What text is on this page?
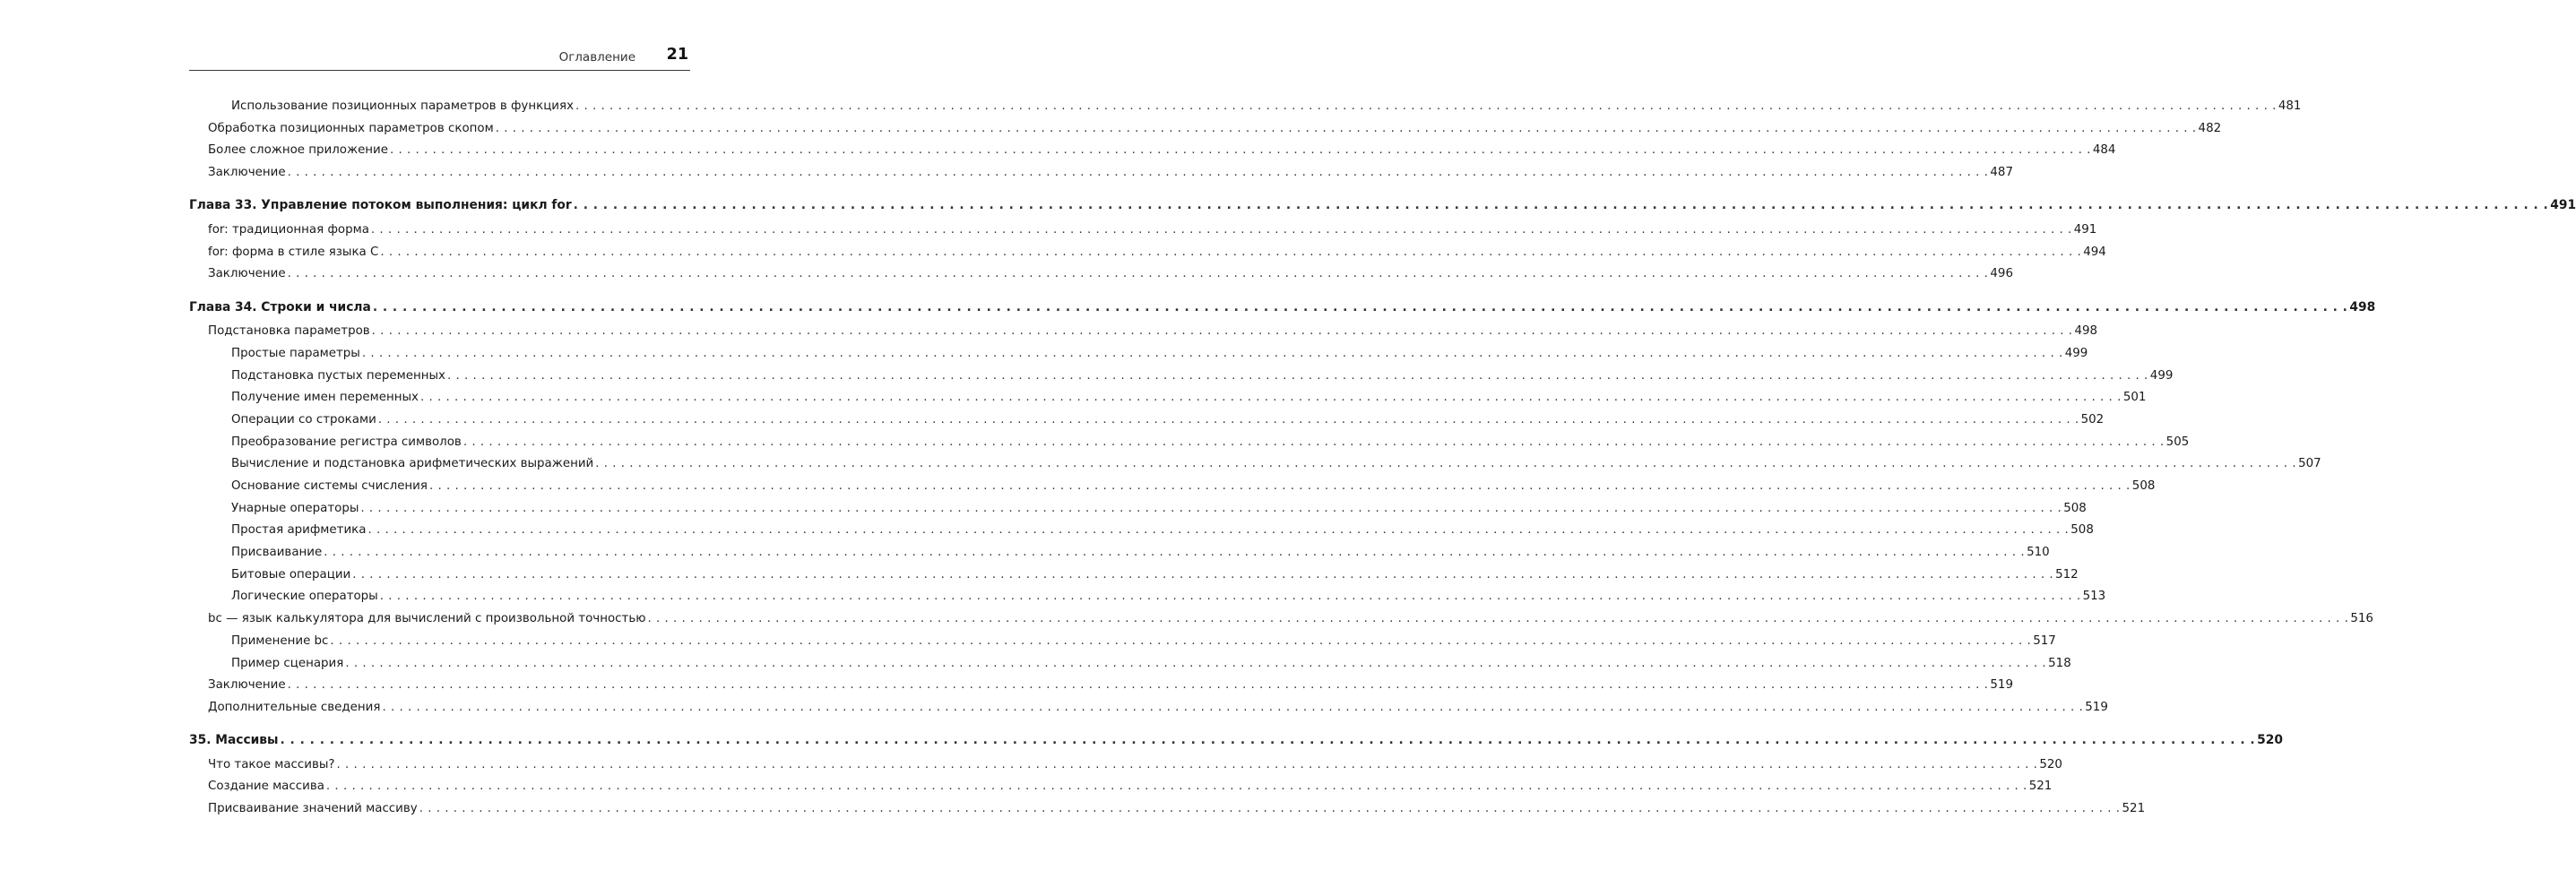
Оглавление 21
Использование позиционных параметров в функциях . . . . . . . . . . . . . . . . . . . . . . . . . . . . . . . . . . . . . . . . . . . . . . . . . . . . . . . . . . . . . . . . . . . . . . . . . . . . . . . . . . . . . . . . . . . . . . . . . . . . . . . . . . . . . . . . . . . . . . . . . . . . . . . . . . . . . . . . . . . . . . . . . . . . . . . . . . . . . . . . . . . . . . . . . . . . . . . . . . . . . . . . . . . . . . . . . . . . . . . . 481
Обработка позиционных параметров скопом . . . . . . . . . . . . . . . . . . . . . . . . . . . . . . . . . . . . . . . . . . . . . . . . . . . . . . . . . . . . . . . . . . . . . . . . . . . . . . . . . . . . . . . . . . . . . . . . . . . . . . . . . . . . . . . . . . . . . . . . . . . . . . . . . . . . . . . . . . . . . . . . . . . . . . . . . . . . . . . . . . . . . . . . . . . . . . . . . . . . . . . . . . . . . . . . . . . . . . . . 482
Более сложное приложение . . . . . . . . . . . . . . . . . . . . . . . . . . . . . . . . . . . . . . . . . . . . . . . . . . . . . . . . . . . . . . . . . . . . . . . . . . . . . . . . . . . . . . . . . . . . . . . . . . . . . . . . . . . . . . . . . . . . . . . . . . . . . . . . . . . . . . . . . . . . . . . . . . . . . . . . . . . . . . . . . . . . . . . . . . . . . . . . . . . . . . . . . . . . . . . . . . . . . . . . 484
Заключение . . . . . . . . . . . . . . . . . . . . . . . . . . . . . . . . . . . . . . . . . . . . . . . . . . . . . . . . . . . . . . . . . . . . . . . . . . . . . . . . . . . . . . . . . . . . . . . . . . . . . . . . . . . . . . . . . . . . . . . . . . . . . . . . . . . . . . . . . . . . . . . . . . . . . . . . . . . . . . . . . . . . . . . . . . . . . . . . . . . . . . . . . . . . . . . . . . . . . . . . 487
Глава 33. Управление потоком выполнения: цикл for . . . . . . . . . . . . . . . . . . . . . . . . . . . . . . . . . . . . . . . . . . . . . . . . . . . . . . . . . . . . . . . . . . . . . . . . . . . . . . . . . . . . . . . . . . . . . . . . . . . . . . . . . . . . . . . . . . . . . . . . . . . . . . . . . . . . . . . . . . . . . . . . . . . . . . . . . . . . . . . . . . . . . . . . . . . . . . . . . . . . . . . . . . . . . . . . . . . . . . . . 491
for: традиционная форма . . . . . . . . . . . . . . . . . . . . . . . . . . . . . . . . . . . . . . . . . . . . . . . . . . . . . . . . . . . . . . . . . . . . . . . . . . . . . . . . . . . . . . . . . . . . . . . . . . . . . . . . . . . . . . . . . . . . . . . . . . . . . . . . . . . . . . . . . . . . . . . . . . . . . . . . . . . . . . . . . . . . . . . . . . . . . . . . . . . . . . . . . . . . . . . . . . . . . . . . 491
for: форма в стиле языка C . . . . . . . . . . . . . . . . . . . . . . . . . . . . . . . . . . . . . . . . . . . . . . . . . . . . . . . . . . . . . . . . . . . . . . . . . . . . . . . . . . . . . . . . . . . . . . . . . . . . . . . . . . . . . . . . . . . . . . . . . . . . . . . . . . . . . . . . . . . . . . . . . . . . . . . . . . . . . . . . . . . . . . . . . . . . . . . . . . . . . . . . . . . . . . . . . . . . . . . . 494
Заключение . . . . . . . . . . . . . . . . . . . . . . . . . . . . . . . . . . . . . . . . . . . . . . . . . . . . . . . . . . . . . . . . . . . . . . . . . . . . . . . . . . . . . . . . . . . . . . . . . . . . . . . . . . . . . . . . . . . . . . . . . . . . . . . . . . . . . . . . . . . . . . . . . . . . . . . . . . . . . . . . . . . . . . . . . . . . . . . . . . . . . . . . . . . . . . . . . . . . . . . . 496
Глава 34. Строки и числа . . . . . . . . . . . . . . . . . . . . . . . . . . . . . . . . . . . . . . . . . . . . . . . . . . . . . . . . . . . . . . . . . . . . . . . . . . . . . . . . . . . . . . . . . . . . . . . . . . . . . . . . . . . . . . . . . . . . . . . . . . . . . . . . . . . . . . . . . . . . . . . . . . . . . . . . . . . . . . . . . . . . . . . . . . . . . . . . . . . . . . . . . . . . . . . . . . . . . . . . 498
Подстановка параметров . . . . . . . . . . . . . . . . . . . . . . . . . . . . . . . . . . . . . . . . . . . . . . . . . . . . . . . . . . . . . . . . . . . . . . . . . . . . . . . . . . . . . . . . . . . . . . . . . . . . . . . . . . . . . . . . . . . . . . . . . . . . . . . . . . . . . . . . . . . . . . . . . . . . . . . . . . . . . . . . . . . . . . . . . . . . . . . . . . . . . . . . . . . . . . . . . . . . . . . . 498
Простые параметры . . . . . . . . . . . . . . . . . . . . . . . . . . . . . . . . . . . . . . . . . . . . . . . . . . . . . . . . . . . . . . . . . . . . . . . . . . . . . . . . . . . . . . . . . . . . . . . . . . . . . . . . . . . . . . . . . . . . . . . . . . . . . . . . . . . . . . . . . . . . . . . . . . . . . . . . . . . . . . . . . . . . . . . . . . . . . . . . . . . . . . . . . . . . . . . . . . . . . . . . 499
Подстановка пустых переменных . . . . . . . . . . . . . . . . . . . . . . . . . . . . . . . . . . . . . . . . . . . . . . . . . . . . . . . . . . . . . . . . . . . . . . . . . . . . . . . . . . . . . . . . . . . . . . . . . . . . . . . . . . . . . . . . . . . . . . . . . . . . . . . . . . . . . . . . . . . . . . . . . . . . . . . . . . . . . . . . . . . . . . . . . . . . . . . . . . . . . . . . . . . . . . . . . . . . . . . . 499
Получение имен переменных . . . . . . . . . . . . . . . . . . . . . . . . . . . . . . . . . . . . . . . . . . . . . . . . . . . . . . . . . . . . . . . . . . . . . . . . . . . . . . . . . . . . . . . . . . . . . . . . . . . . . . . . . . . . . . . . . . . . . . . . . . . . . . . . . . . . . . . . . . . . . . . . . . . . . . . . . . . . . . . . . . . . . . . . . . . . . . . . . . . . . . . . . . . . . . . . . . . . . . . . 501
Операции со строками . . . . . . . . . . . . . . . . . . . . . . . . . . . . . . . . . . . . . . . . . . . . . . . . . . . . . . . . . . . . . . . . . . . . . . . . . . . . . . . . . . . . . . . . . . . . . . . . . . . . . . . . . . . . . . . . . . . . . . . . . . . . . . . . . . . . . . . . . . . . . . . . . . . . . . . . . . . . . . . . . . . . . . . . . . . . . . . . . . . . . . . . . . . . . . . . . . . . . . . . 502
Преобразование регистра символов . . . . . . . . . . . . . . . . . . . . . . . . . . . . . . . . . . . . . . . . . . . . . . . . . . . . . . . . . . . . . . . . . . . . . . . . . . . . . . . . . . . . . . . . . . . . . . . . . . . . . . . . . . . . . . . . . . . . . . . . . . . . . . . . . . . . . . . . . . . . . . . . . . . . . . . . . . . . . . . . . . . . . . . . . . . . . . . . . . . . . . . . . . . . . . . . . . . . . . . . 505
Вычисление и подстановка арифметических выражений . . . . . . . . . . . . . . . . . . . . . . . . . . . . . . . . . . . . . . . . . . . . . . . . . . . . . . . . . . . . . . . . . . . . . . . . . . . . . . . . . . . . . . . . . . . . . . . . . . . . . . . . . . . . . . . . . . . . . . . . . . . . . . . . . . . . . . . . . . . . . . . . . . . . . . . . . . . . . . . . . . . . . . . . . . . . . . . . . . . . . . . . . . . . . . . . . . . . . . . . 507
Основание системы счисления . . . . . . . . . . . . . . . . . . . . . . . . . . . . . . . . . . . . . . . . . . . . . . . . . . . . . . . . . . . . . . . . . . . . . . . . . . . . . . . . . . . . . . . . . . . . . . . . . . . . . . . . . . . . . . . . . . . . . . . . . . . . . . . . . . . . . . . . . . . . . . . . . . . . . . . . . . . . . . . . . . . . . . . . . . . . . . . . . . . . . . . . . . . . . . . . . . . . . . . . 508
Унарные операторы . . . . . . . . . . . . . . . . . . . . . . . . . . . . . . . . . . . . . . . . . . . . . . . . . . . . . . . . . . . . . . . . . . . . . . . . . . . . . . . . . . . . . . . . . . . . . . . . . . . . . . . . . . . . . . . . . . . . . . . . . . . . . . . . . . . . . . . . . . . . . . . . . . . . . . . . . . . . . . . . . . . . . . . . . . . . . . . . . . . . . . . . . . . . . . . . . . . . . . . . 508
Простая арифметика . . . . . . . . . . . . . . . . . . . . . . . . . . . . . . . . . . . . . . . . . . . . . . . . . . . . . . . . . . . . . . . . . . . . . . . . . . . . . . . . . . . . . . . . . . . . . . . . . . . . . . . . . . . . . . . . . . . . . . . . . . . . . . . . . . . . . . . . . . . . . . . . . . . . . . . . . . . . . . . . . . . . . . . . . . . . . . . . . . . . . . . . . . . . . . . . . . . . . . . . 508
Присваивание . . . . . . . . . . . . . . . . . . . . . . . . . . . . . . . . . . . . . . . . . . . . . . . . . . . . . . . . . . . . . . . . . . . . . . . . . . . . . . . . . . . . . . . . . . . . . . . . . . . . . . . . . . . . . . . . . . . . . . . . . . . . . . . . . . . . . . . . . . . . . . . . . . . . . . . . . . . . . . . . . . . . . . . . . . . . . . . . . . . . . . . . . . . . . . . . . . . . . . . . 510
Битовые операции . . . . . . . . . . . . . . . . . . . . . . . . . . . . . . . . . . . . . . . . . . . . . . . . . . . . . . . . . . . . . . . . . . . . . . . . . . . . . . . . . . . . . . . . . . . . . . . . . . . . . . . . . . . . . . . . . . . . . . . . . . . . . . . . . . . . . . . . . . . . . . . . . . . . . . . . . . . . . . . . . . . . . . . . . . . . . . . . . . . . . . . . . . . . . . . . . . . . . . . . 512
Логические операторы . . . . . . . . . . . . . . . . . . . . . . . . . . . . . . . . . . . . . . . . . . . . . . . . . . . . . . . . . . . . . . . . . . . . . . . . . . . . . . . . . . . . . . . . . . . . . . . . . . . . . . . . . . . . . . . . . . . . . . . . . . . . . . . . . . . . . . . . . . . . . . . . . . . . . . . . . . . . . . . . . . . . . . . . . . . . . . . . . . . . . . . . . . . . . . . . . . . . . . . . 513
bc — язык калькулятора для вычислений с произвольной точностью . . . . . . . . . . . . . . . . . . . . . . . . . . . . . . . . . . . . . . . . . . . . . . . . . . . . . . . . . . . . . . . . . . . . . . . . . . . . . . . . . . . . . . . . . . . . . . . . . . . . . . . . . . . . . . . . . . . . . . . . . . . . . . . . . . . . . . . . . . . . . . . . . . . . . . . . . . . . . . . . . . . . . . . . . . . . . . . . . . . . . . . . . . . . . . . . . . . . . . . . 516
Применение bc . . . . . . . . . . . . . . . . . . . . . . . . . . . . . . . . . . . . . . . . . . . . . . . . . . . . . . . . . . . . . . . . . . . . . . . . . . . . . . . . . . . . . . . . . . . . . . . . . . . . . . . . . . . . . . . . . . . . . . . . . . . . . . . . . . . . . . . . . . . . . . . . . . . . . . . . . . . . . . . . . . . . . . . . . . . . . . . . . . . . . . . . . . . . . . . . . . . . . . . . 517
Пример сценария . . . . . . . . . . . . . . . . . . . . . . . . . . . . . . . . . . . . . . . . . . . . . . . . . . . . . . . . . . . . . . . . . . . . . . . . . . . . . . . . . . . . . . . . . . . . . . . . . . . . . . . . . . . . . . . . . . . . . . . . . . . . . . . . . . . . . . . . . . . . . . . . . . . . . . . . . . . . . . . . . . . . . . . . . . . . . . . . . . . . . . . . . . . . . . . . . . . . . . . . 518
Заключение . . . . . . . . . . . . . . . . . . . . . . . . . . . . . . . . . . . . . . . . . . . . . . . . . . . . . . . . . . . . . . . . . . . . . . . . . . . . . . . . . . . . . . . . . . . . . . . . . . . . . . . . . . . . . . . . . . . . . . . . . . . . . . . . . . . . . . . . . . . . . . . . . . . . . . . . . . . . . . . . . . . . . . . . . . . . . . . . . . . . . . . . . . . . . . . . . . . . . . . . 519
Дополнительные сведения . . . . . . . . . . . . . . . . . . . . . . . . . . . . . . . . . . . . . . . . . . . . . . . . . . . . . . . . . . . . . . . . . . . . . . . . . . . . . . . . . . . . . . . . . . . . . . . . . . . . . . . . . . . . . . . . . . . . . . . . . . . . . . . . . . . . . . . . . . . . . . . . . . . . . . . . . . . . . . . . . . . . . . . . . . . . . . . . . . . . . . . . . . . . . . . . . . . . . . . . 519
35. Массивы . . . . . . . . . . . . . . . . . . . . . . . . . . . . . . . . . . . . . . . . . . . . . . . . . . . . . . . . . . . . . . . . . . . . . . . . . . . . . . . . . . . . . . . . . . . . . . . . . . . . . . . . . . . . . . . . . . . . . . . . . . . . . . . . . . . . . . . . . . . . . . . . . . . . . . . . . . . . . . . . . . . . . . . . . . . . . . . . . . . . . . . . . . . . . . . . . . . . . . . . 520
Что такое массивы? . . . . . . . . . . . . . . . . . . . . . . . . . . . . . . . . . . . . . . . . . . . . . . . . . . . . . . . . . . . . . . . . . . . . . . . . . . . . . . . . . . . . . . . . . . . . . . . . . . . . . . . . . . . . . . . . . . . . . . . . . . . . . . . . . . . . . . . . . . . . . . . . . . . . . . . . . . . . . . . . . . . . . . . . . . . . . . . . . . . . . . . . . . . . . . . . . . . . . . . . 520
Создание массива . . . . . . . . . . . . . . . . . . . . . . . . . . . . . . . . . . . . . . . . . . . . . . . . . . . . . . . . . . . . . . . . . . . . . . . . . . . . . . . . . . . . . . . . . . . . . . . . . . . . . . . . . . . . . . . . . . . . . . . . . . . . . . . . . . . . . . . . . . . . . . . . . . . . . . . . . . . . . . . . . . . . . . . . . . . . . . . . . . . . . . . . . . . . . . . . . . . . . . . . 521
Присваивание значений массиву . . . . . . . . . . . . . . . . . . . . . . . . . . . . . . . . . . . . . . . . . . . . . . . . . . . . . . . . . . . . . . . . . . . . . . . . . . . . . . . . . . . . . . . . . . . . . . . . . . . . . . . . . . . . . . . . . . . . . . . . . . . . . . . . . . . . . . . . . . . . . . . . . . . . . . . . . . . . . . . . . . . . . . . . . . . . . . . . . . . . . . . . . . . . . . . . . . . . . . . . 521
